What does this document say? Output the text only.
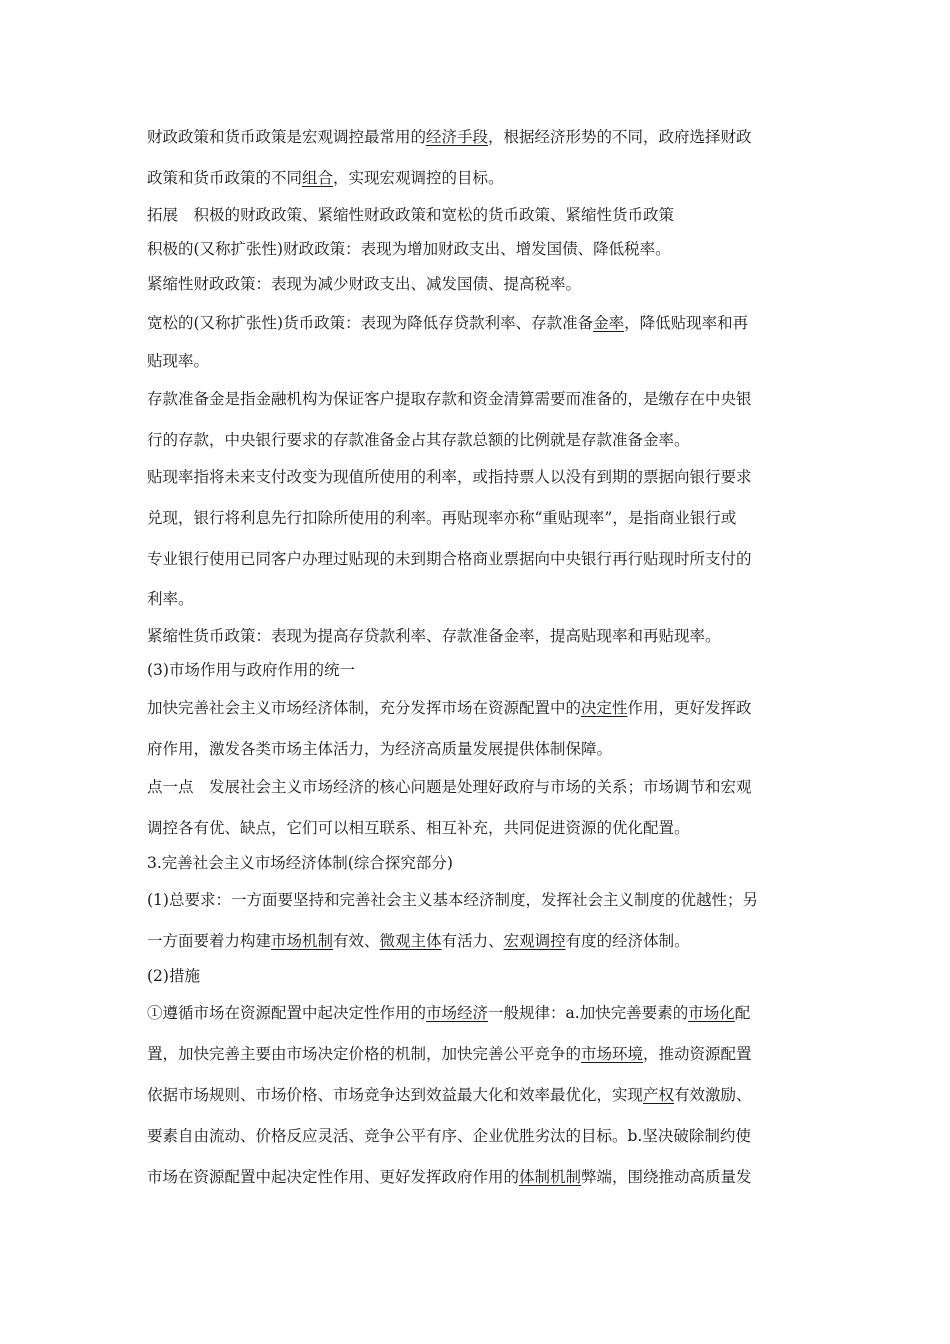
财政政策和货币政策是宏观调控最常用的经济手段，根据经济形势的不同，政府选择财政
政策和货币政策的不同组合，实现宏观调控的目标。
拓展　积极的财政政策、紧缩性财政政策和宽松的货币政策、紧缩性货币政策
积极的(又称扩张性)财政政策：表现为增加财政支出、增发国债、降低税率。
紧缩性财政政策：表现为减少财政支出、减发国债、提高税率。
宽松的(又称扩张性)货币政策：表现为降低存贷款利率、存款准备金率，降低贴现率和再
贴现率。
存款准备金是指金融机构为保证客户提取存款和资金清算需要而准备的，是缴存在中央银
行的存款，中央银行要求的存款准备金占其存款总额的比例就是存款准备金率。
贴现率指将未来支付改变为现值所使用的利率，或指持票人以没有到期的票据向银行要求
兑现，银行将利息先行扣除所使用的利率。再贴现率亦称“重贴现率”，是指商业银行或
专业银行使用已同客户办理过贴现的未到期合格商业票据向中央银行再行贴现时所支付的
利率。
紧缩性货币政策：表现为提高存贷款利率、存款准备金率，提高贴现率和再贴现率。
(3)市场作用与政府作用的统一
加快完善社会主义市场经济体制，充分发挥市场在资源配置中的决定性作用，更好发挥政
府作用，激发各类市场主体活力，为经济高质量发展提供体制保障。
点一点　发展社会主义市场经济的核心问题是处理好政府与市场的关系；市场调节和宏观
调控各有优、缺点，它们可以相互联系、相互补充，共同促进资源的优化配置。
3.完善社会主义市场经济体制(综合探究部分)
(1)总要求：一方面要坚持和完善社会主义基本经济制度，发挥社会主义制度的优越性；另
一方面要着力构建市场机制有效、微观主体有活力、宏观调控有度的经济体制。
(2)措施
①遵循市场在资源配置中起决定性作用的市场经济一般规律：a.加快完善要素的市场化配
置，加快完善主要由市场决定价格的机制，加快完善公平竞争的市场环境，推动资源配置
依据市场规则、市场价格、市场竞争达到效益最大化和效率最优化，实现产权有效激励、
要素自由流动、价格反应灵活、竞争公平有序、企业优胜劣汰的目标。b.坚决破除制约使
市场在资源配置中起决定性作用、更好发挥政府作用的体制机制弊端，围绕推动高质量发
